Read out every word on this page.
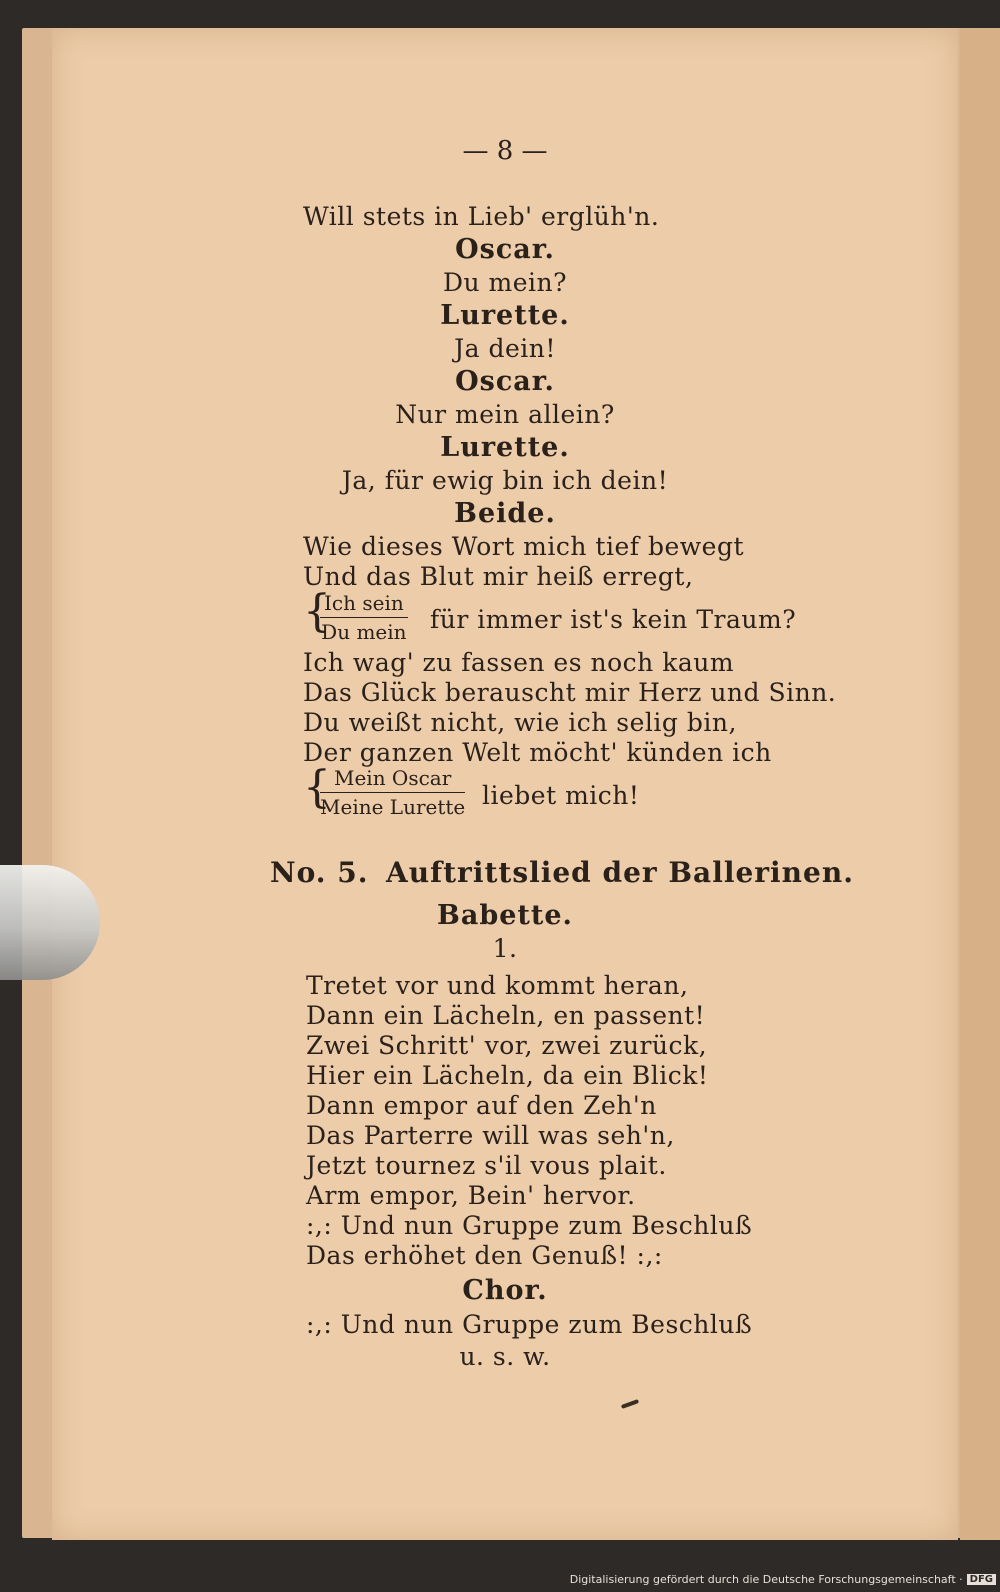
— 8 —
Will stets in Lieb' erglüh'n.
Oscar.
Du mein?
Lurette.
Ja dein!
Oscar.
Nur mein allein?
Lurette.
Ja, für ewig bin ich dein!
Beide.
Wie dieses Wort mich tief bewegt
Und das Blut mir heiß erregt,
{
Ich sein
Du mein für immer ist's kein Traum?
Ich wag' zu fassen es noch kaum
Das Glück berauscht mir Herz und Sinn.
Du weißt nicht, wie ich selig bin,
Der ganzen Welt möcht' künden ich
{ Mein Oscar
Meine Lurette liebet mich!
No. 5. Auftrittslied der Ballerinen.
Babette.
1.
Tretet vor und kommt heran,
Dann ein Lächeln, en passent!
Zwei Schritt' vor, zwei zurück,
Hier ein Lächeln, da ein Blick!
Dann empor auf den Zeh'n
Das Parterre will was seh'n,
Jetzt tournez s'il vous plait.
Arm empor, Bein' hervor.
:,: Und nun Gruppe zum Beschluß
Das erhöhet den Genuß! :,:
Chor.
:,: Und nun Gruppe zum Beschluß
u. s. w.
Digitalisierung gefördert durch die Deutsche Forschungsgemeinschaft · DFG
